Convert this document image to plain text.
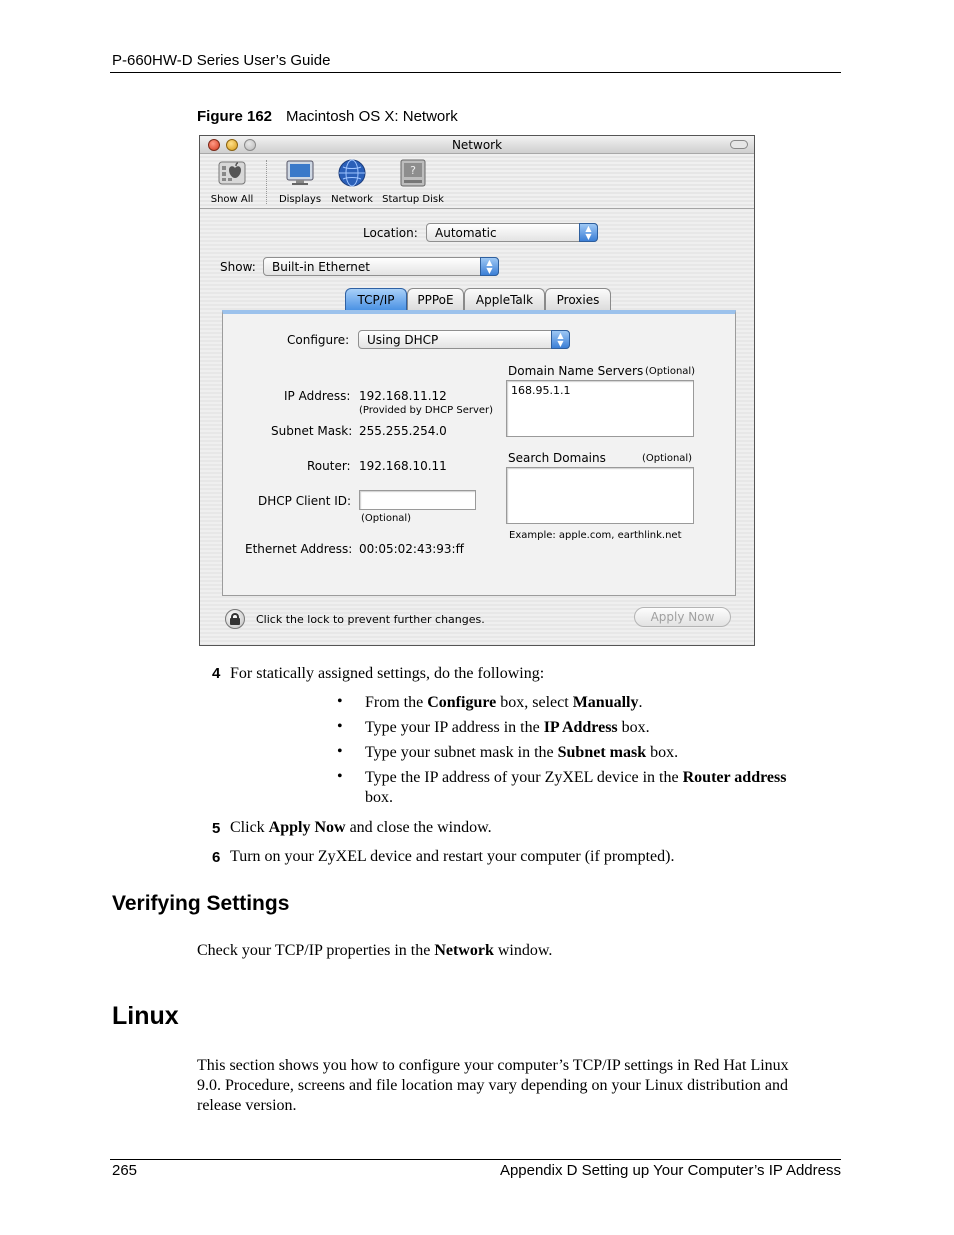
P-660HW-D Series User’s Guide
Figure 162 Macintosh OS X: Network
Network
Show All	Displays	Network
?
Startup Disk
Location:	Automatic	▲
▼
Show:	Built-in Ethernet	▲
▼
TCP/IP	PPPoE	AppleTalk	Proxies
Configure:	Using DHCP	▲
▼
IP Address: 192.168.11.12
(Provided by DHCP Server)
Subnet Mask: 255.255.254.0
Router: 192.168.10.11
DHCP Client ID:
(Optional)
Ethernet Address: 00:05:02:43:93:ff
Domain Name Servers (Optional)
168.95.1.1
Search Domains	(Optional)
Example: apple.com, earthlink.net
Click the lock to prevent further changes.	Apply Now
4 For statically assigned settings, do the following:
• From the Configure box, select Manually.
• Type your IP address in the IP Address box.
• Type your subnet mask in the Subnet mask box.
• Type the IP address of your ZyXEL device in the Router address
box.
5 Click Apply Now and close the window.
6 Turn on your ZyXEL device and restart your computer (if prompted).
Verifying Settings
Check your TCP/IP properties in the Network window.
Linux
This section shows you how to configure your computer’s TCP/IP settings in Red Hat Linux
9.0. Procedure, screens and file location may vary depending on your Linux distribution and
release version.
265	Appendix D Setting up Your Computer’s IP Address
